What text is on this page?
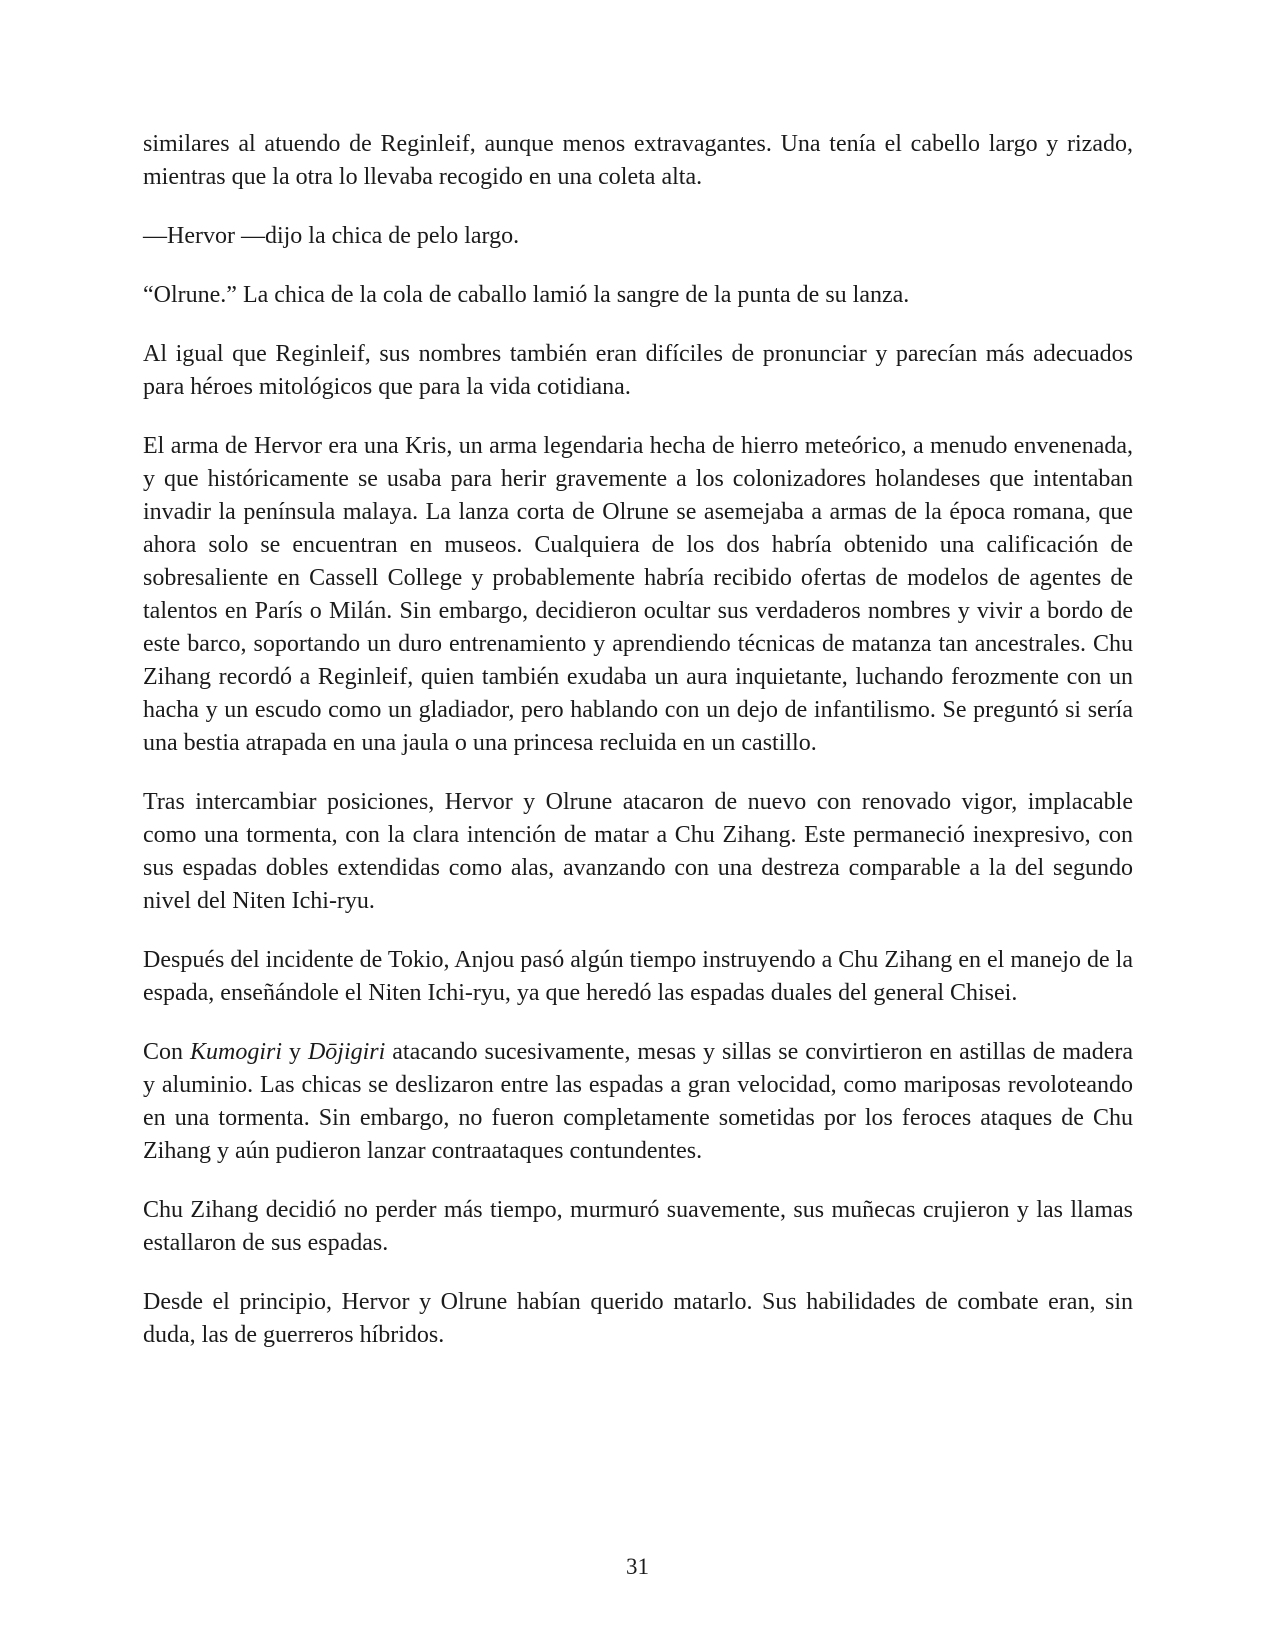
similares al atuendo de Reginleif, aunque menos extravagantes. Una tenía el cabello largo y rizado, mientras que la otra lo llevaba recogido en una coleta alta.

—Hervor —dijo la chica de pelo largo.

“Olrune.” La chica de la cola de caballo lamió la sangre de la punta de su lanza.

Al igual que Reginleif, sus nombres también eran difíciles de pronunciar y parecían más adecuados para héroes mitológicos que para la vida cotidiana.

El arma de Hervor era una Kris, un arma legendaria hecha de hierro meteórico, a menudo envenenada, y que históricamente se usaba para herir gravemente a los colonizadores holandeses que intentaban invadir la península malaya. La lanza corta de Olrune se asemejaba a armas de la época romana, que ahora solo se encuentran en museos. Cualquiera de los dos habría obtenido una calificación de sobresaliente en Cassell College y probablemente habría recibido ofertas de modelos de agentes de talentos en París o Milán. Sin embargo, decidieron ocultar sus verdaderos nombres y vivir a bordo de este barco, soportando un duro entrenamiento y aprendiendo técnicas de matanza tan ancestrales. Chu Zihang recordó a Reginleif, quien también exudaba un aura inquietante, luchando ferozmente con un hacha y un escudo como un gladiador, pero hablando con un dejo de infantilismo. Se preguntó si sería una bestia atrapada en una jaula o una princesa recluida en un castillo.

Tras intercambiar posiciones, Hervor y Olrune atacaron de nuevo con renovado vigor, implacable como una tormenta, con la clara intención de matar a Chu Zihang. Este permaneció inexpresivo, con sus espadas dobles extendidas como alas, avanzando con una destreza comparable a la del segundo nivel del Niten Ichi-ryu.

Después del incidente de Tokio, Anjou pasó algún tiempo instruyendo a Chu Zihang en el manejo de la espada, enseñándole el Niten Ichi-ryu, ya que heredó las espadas duales del general Chisei.

Con Kumogiri y Dōjigiri atacando sucesivamente, mesas y sillas se convirtieron en astillas de madera y aluminio. Las chicas se deslizaron entre las espadas a gran velocidad, como mariposas revoloteando en una tormenta. Sin embargo, no fueron completamente sometidas por los feroces ataques de Chu Zihang y aún pudieron lanzar contraataques contundentes.

Chu Zihang decidió no perder más tiempo, murmuró suavemente, sus muñecas crujieron y las llamas estallaron de sus espadas.

Desde el principio, Hervor y Olrune habían querido matarlo. Sus habilidades de combate eran, sin duda, las de guerreros híbridos.

31
